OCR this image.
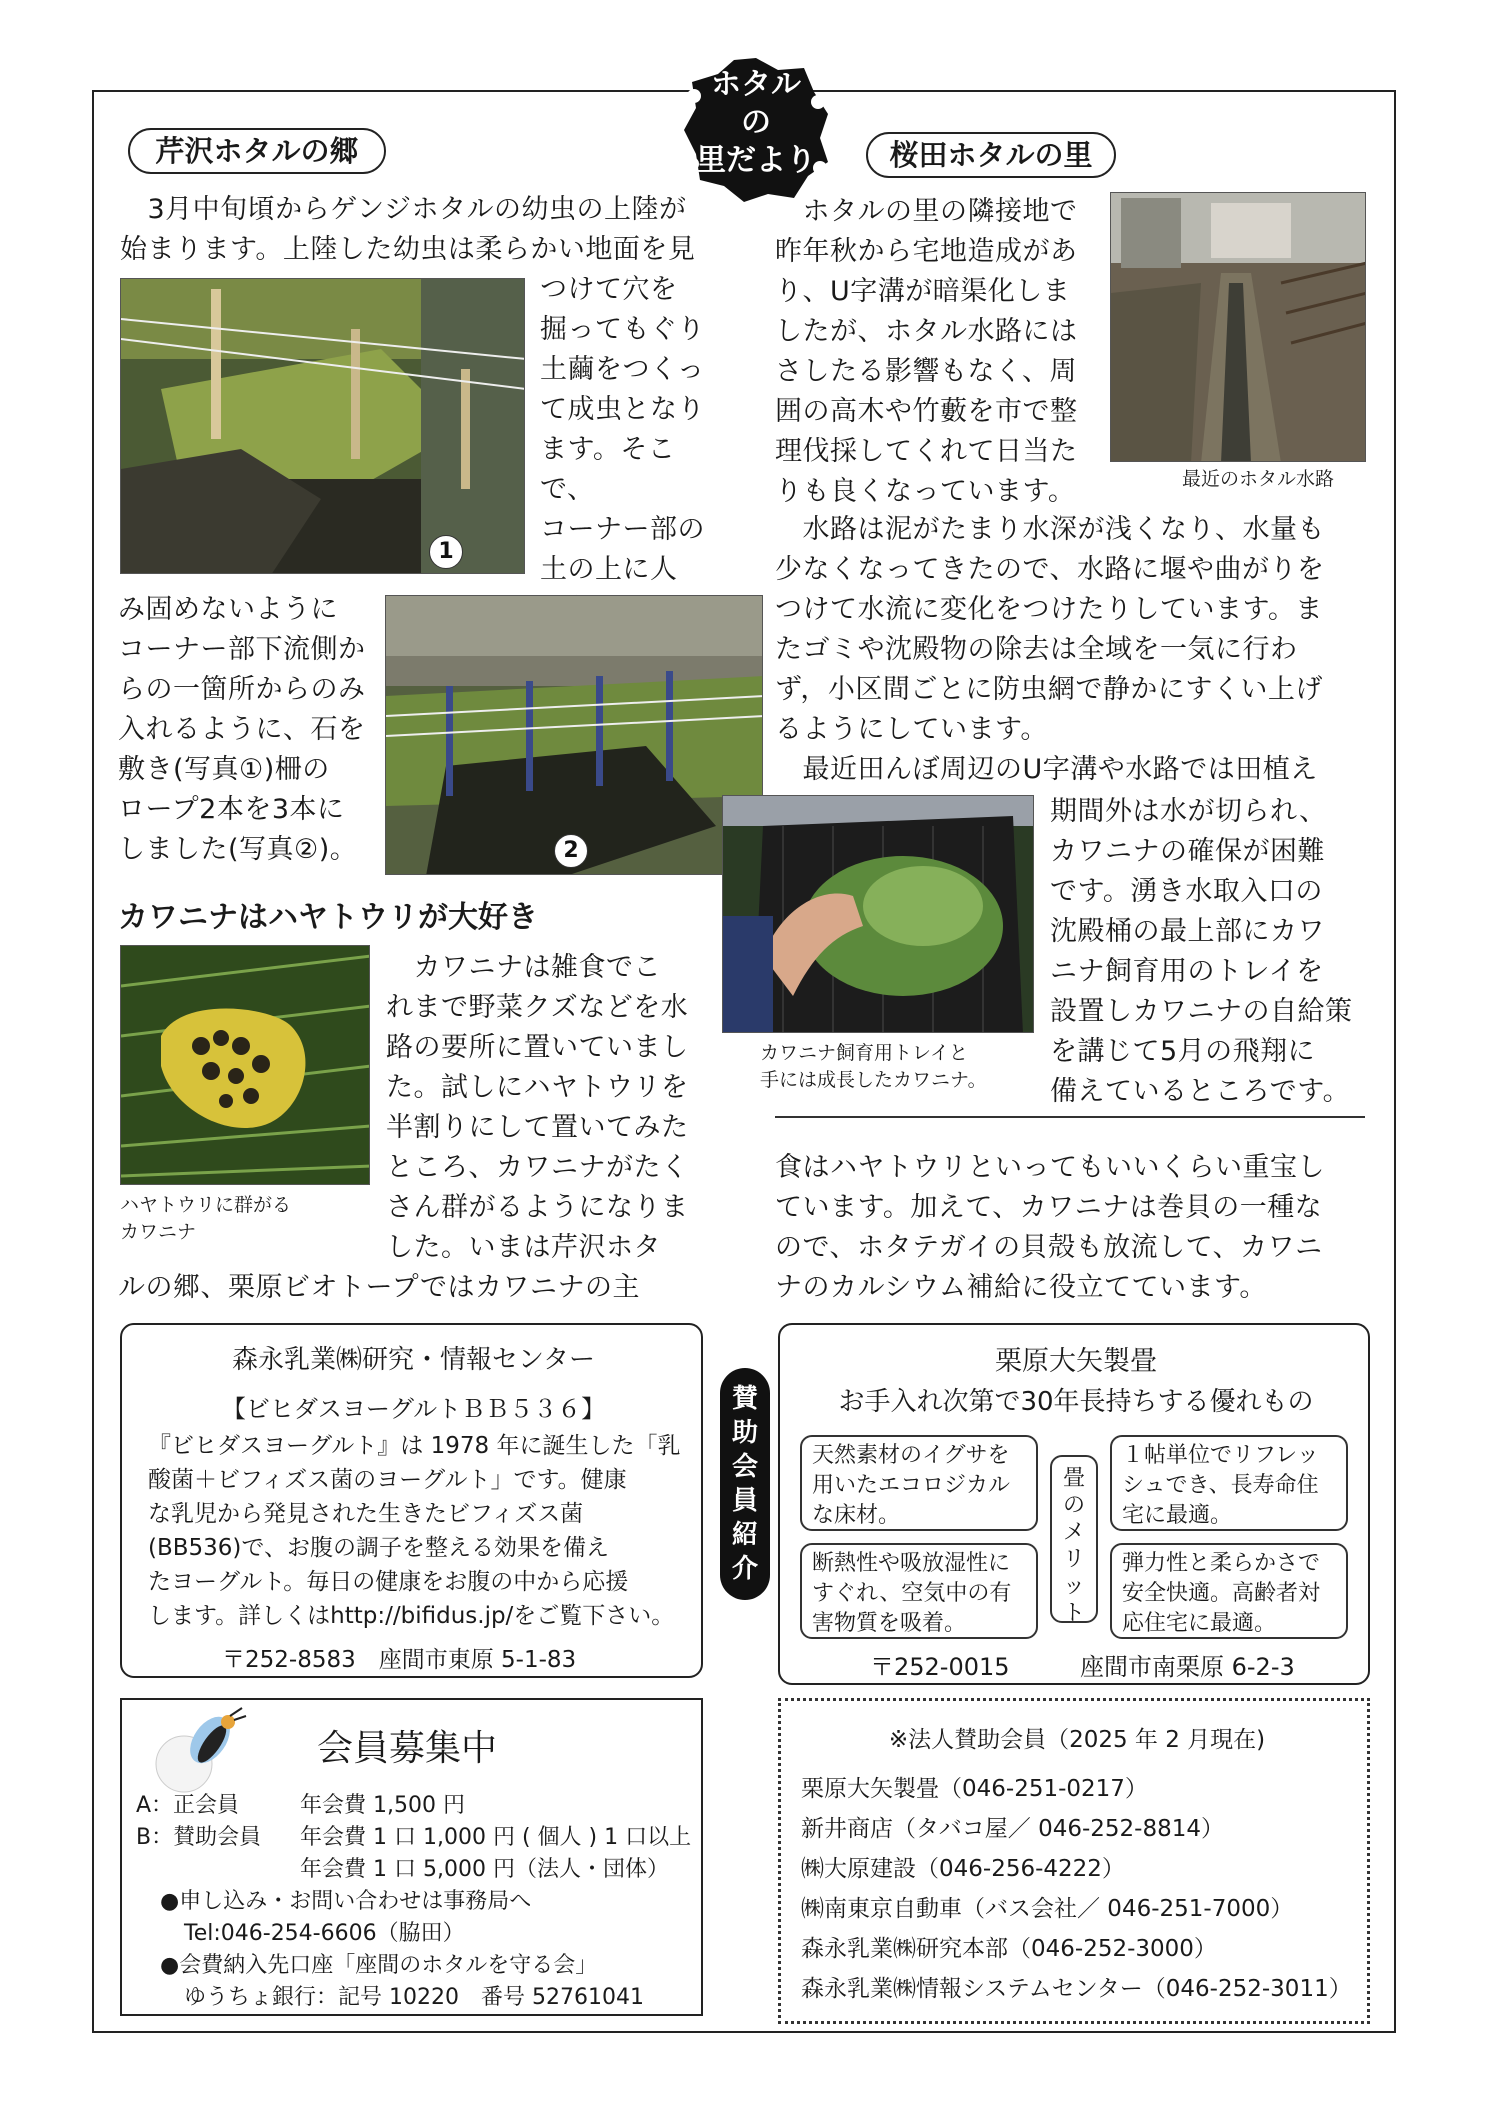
ホタル
の
里だより
芹沢ホタルの郷
　3月中旬頃からゲンジホタルの幼虫の上陸が
始まります。上陸した幼虫は柔らかい地面を見
1
つけて穴を
掘ってもぐり
土繭をつくっ
て成虫となり
ます。そこで、
コーナー部の
土の上に人
み固めないように
コーナー部下流側か
らの一箇所からのみ
入れるように、石を
敷き(写真①)柵の
ロープ2本を3本に
しました(写真②)。	2
カワニナはハヤトウリが大好き
ハヤトウリに群がる
カワニナ
　カワニナは雑食でこ
れまで野菜クズなどを水
路の要所に置いていまし
た。試しにハヤトウリを
半割りにして置いてみた
ところ、カワニナがたく
さん群がるようになりま
した。いまは芹沢ホタ
ルの郷、栗原ビオトープではカワニナの主
桜田ホタルの里
　ホタルの里の隣接地で
昨年秋から宅地造成があ
り、U字溝が暗渠化しま
したが、ホタル水路には
さしたる影響もなく、周
囲の高木や竹藪を市で整
理伐採してくれて日当た
りも良くなっています。	最近のホタル水路
　水路は泥がたまり水深が浅くなり、水量も
少なくなってきたので、水路に堰や曲がりを
つけて水流に変化をつけたりしています。ま
たゴミや沈殿物の除去は全域を一気に行わ
ず，小区間ごとに防虫網で静かにすくい上げ
るようにしています。
　最近田んぼ周辺のU字溝や水路では田植え
カワニナ飼育用トレイと
手には成長したカワニナ。
期間外は水が切られ、
カワニナの確保が困難
です。湧き水取入口の
沈殿桶の最上部にカワ
ニナ飼育用のトレイを
設置しカワニナの自給策
を講じて5月の飛翔に
備えているところです。
食はハヤトウリといってもいいくらい重宝し
ています。加えて、カワニナは巻貝の一種な
ので、ホタテガイの貝殻も放流して、カワニ
ナのカルシウム補給に役立てています。
森永乳業㈱研究・情報センター
【ビヒダスヨーグルトＢＢ５３６】
『ビヒダスヨーグルト』は 1978 年に誕生した「乳
酸菌＋ビフィズス菌のヨーグルト」です。健康
な乳児から発見された生きたビフィズス菌
(BB536)で、お腹の調子を整える効果を備え
たヨーグルト。毎日の健康をお腹の中から応援
します。詳しくはhttp://bifidus.jp/をご覧下さい。
〒252-8583　座間市東原 5-1-83
賛助会員紹介
栗原大矢製畳
お手入れ次第で30年長持ちする優れもの
天然素材のイグサを
用いたエコロジカル
な床材。
１帖単位でリフレッ
シュでき、長寿命住
宅に最適。
断熱性や吸放湿性に
すぐれ、空気中の有
害物質を吸着。
弾力性と柔らかさで
安全快適。高齢者対
応住宅に最適。
畳のメリット
〒252-0015	座間市南栗原 6-2-3
会員募集中
A：正会員	年会費 1,500 円
B：賛助会員 年会費 1 口 1,000 円 ( 個人 ) 1 口以上
年会費 1 口 5,000 円（法人・団体）
●申し込み・お問い合わせは事務局へ
Tel:046-254-6606（脇田）
●会費納入先口座「座間のホタルを守る会」
ゆうちょ銀行：記号 10220　番号 52761041
※法人賛助会員（2025 年 2 月現在)
栗原大矢製畳（046-251-0217）
新井商店（タバコ屋／ 046-252-8814）
㈱大原建設（046-256-4222）
㈱南東京自動車（バス会社／ 046-251-7000）
森永乳業㈱研究本部（046-252-3000）
森永乳業㈱情報システムセンター（046-252-3011）
